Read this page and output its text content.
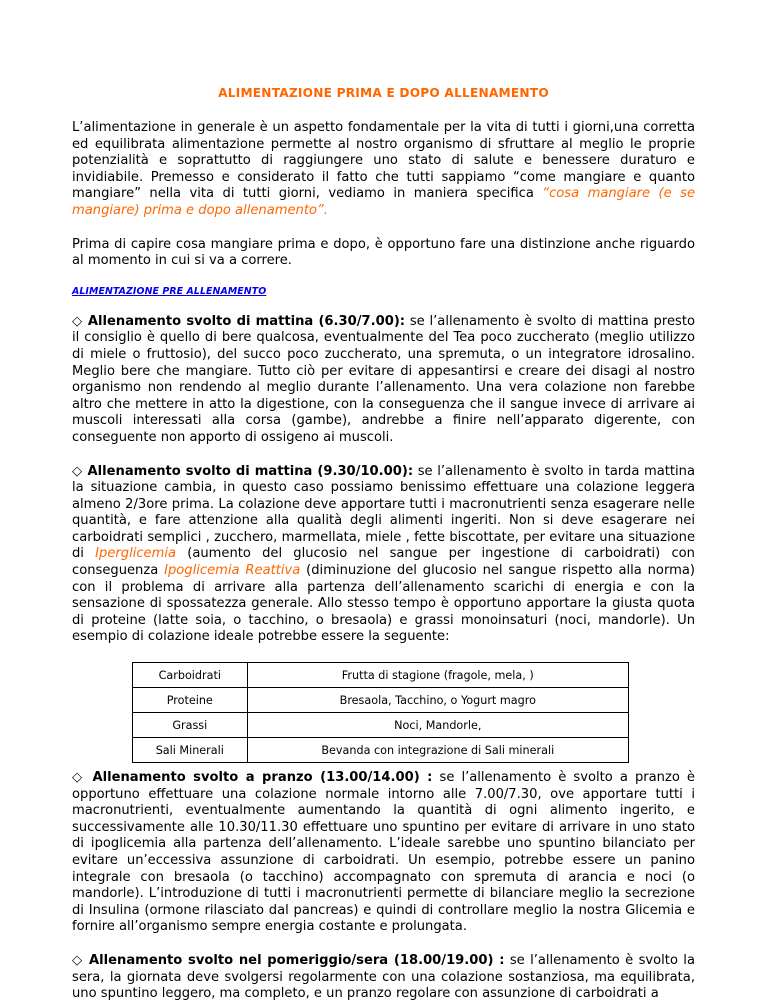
ALIMENTAZIONE PRIMA E DOPO ALLENAMENTO

L’alimentazione in generale è un aspetto fondamentale per la vita di tutti i giorni,una corretta ed equilibrata alimentazione permette al nostro organismo di sfruttare al meglio le proprie potenzialità e soprattutto di raggiungere uno stato di salute e benessere duraturo e invidiabile. Premesso e considerato il fatto che tutti sappiamo “come mangiare e quanto mangiare” nella vita di tutti giorni, vediamo in maniera specifica “cosa mangiare (e se mangiare) prima e dopo allenamento”.

Prima di capire cosa mangiare prima e dopo, è opportuno fare una distinzione anche riguardo al momento in cui si va a correre.

ALIMENTAZIONE PRE ALLENAMENTO

◇ Allenamento svolto di mattina (6.30/7.00): se l’allenamento è svolto di mattina presto il consiglio è quello di bere qualcosa, eventualmente del Tea poco zuccherato (meglio utilizzo di miele o fruttosio), del succo poco zuccherato, una spremuta, o un integratore idrosalino. Meglio bere che mangiare. Tutto ciò per evitare di appesantirsi e creare dei disagi al nostro organismo non rendendo al meglio durante l’allenamento. Una vera colazione non farebbe altro che mettere in atto la digestione, con la conseguenza che il sangue invece di arrivare ai muscoli interessati alla corsa (gambe), andrebbe a finire nell’apparato digerente, con conseguente non apporto di ossigeno ai muscoli.

◇ Allenamento svolto di mattina (9.30/10.00): se l’allenamento è svolto in tarda mattina la situazione cambia, in questo caso possiamo benissimo effettuare una colazione leggera almeno 2/3ore prima. La colazione deve apportare tutti i macronutrienti senza esagerare nelle quantità, e fare attenzione alla qualità degli alimenti ingeriti. Non si deve esagerare nei carboidrati semplici , zucchero, marmellata, miele , fette biscottate, per evitare una situazione di Iperglicemia (aumento del glucosio nel sangue per ingestione di carboidrati) con conseguenza Ipoglicemia Reattiva (diminuzione del glucosio nel sangue rispetto alla norma) con il problema di arrivare alla partenza dell’allenamento scarichi di energia e con la sensazione di spossatezza generale. Allo stesso tempo è opportuno apportare la giusta quota di proteine (latte soia, o tacchino, o bresaola) e grassi monoinsaturi (noci, mandorle). Un esempio di colazione ideale potrebbe essere la seguente:

Carboidrati	Frutta di stagione (fragole, mela, )
Proteine	Bresaola, Tacchino, o Yogurt magro
Grassi	Noci, Mandorle,
Sali Minerali	Bevanda con integrazione di Sali minerali

◇ Allenamento svolto a pranzo (13.00/14.00) : se l’allenamento è svolto a pranzo è opportuno effettuare una colazione normale intorno alle 7.00/7.30, ove apportare tutti i macronutrienti, eventualmente aumentando la quantità di ogni alimento ingerito, e successivamente alle 10.30/11.30 effettuare uno spuntino per evitare di arrivare in uno stato di ipoglicemia alla partenza dell’allenamento. L’ideale sarebbe uno spuntino bilanciato per evitare un’eccessiva assunzione di carboidrati. Un esempio, potrebbe essere un panino integrale con bresaola (o tacchino) accompagnato con spremuta di arancia e noci (o mandorle). L’introduzione di tutti i macronutrienti permette di bilanciare meglio la secrezione di Insulina (ormone rilasciato dal pancreas) e quindi di controllare meglio la nostra Glicemia e fornire all’organismo sempre energia costante e prolungata.

◇ Allenamento svolto nel pomeriggio/sera (18.00/19.00) : se l’allenamento è svolto la sera, la giornata deve svolgersi regolarmente con una colazione sostanziosa, ma equilibrata, uno spuntino leggero, ma completo, e un pranzo regolare con assunzione di carboidrati a
